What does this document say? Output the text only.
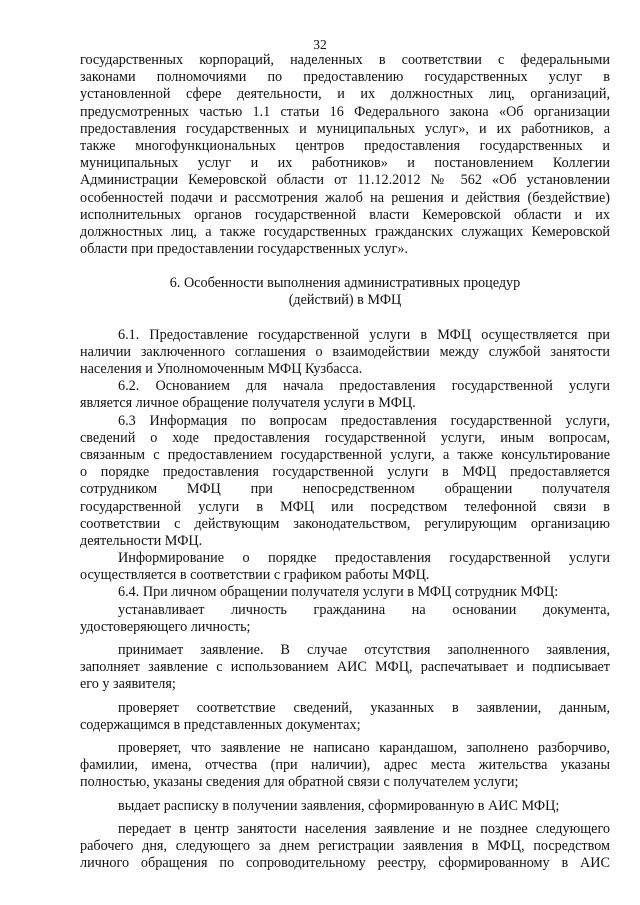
32
государственных корпораций, наделенных в соответствии с федеральными
законами полномочиями по предоставлению государственных услуг в
установленной сфере деятельности, и их должностных лиц, организаций,
предусмотренных частью 1.1 статьи 16 Федерального закона «Об организации
предоставления государственных и муниципальных услуг», и их работников, а
также многофункциональных центров предоставления государственных и
муниципальных услуг и их работников» и постановлением Коллегии
Администрации Кемеровской области от 11.12.2012 № 562 «Об установлении
особенностей подачи и рассмотрения жалоб на решения и действия (бездействие)
исполнительных органов государственной власти Кемеровской области и их
должностных лиц, а также государственных гражданских служащих Кемеровской
области при предоставлении государственных услуг».
6. Особенности выполнения административных процедур
(действий) в МФЦ
6.1. Предоставление государственной услуги в МФЦ осуществляется при
наличии заключенного соглашения о взаимодействии между службой занятости
населения и Уполномоченным МФЦ Кузбасса.
6.2. Основанием для начала предоставления государственной услуги
является личное обращение получателя услуги в МФЦ.
6.3 Информация по вопросам предоставления государственной услуги,
сведений о ходе предоставления государственной услуги, иным вопросам,
связанным с предоставлением государственной услуги, а также консультирование
о порядке предоставления государственной услуги в МФЦ предоставляется
сотрудником МФЦ при непосредственном обращении получателя
государственной услуги в МФЦ или посредством телефонной связи в
соответствии с действующим законодательством, регулирующим организацию
деятельности МФЦ.
Информирование о порядке предоставления государственной услуги
осуществляется в соответствии с графиком работы МФЦ.
6.4. При личном обращении получателя услуги в МФЦ сотрудник МФЦ:
устанавливает личность гражданина на основании документа,
удостоверяющего личность;
принимает заявление. В случае отсутствия заполненного заявления,
заполняет заявление с использованием АИС МФЦ, распечатывает и подписывает
его у заявителя;
проверяет соответствие сведений, указанных в заявлении, данным,
содержащимся в представленных документах;
проверяет, что заявление не написано карандашом, заполнено разборчиво,
фамилии, имена, отчества (при наличии), адрес места жительства указаны
полностью, указаны сведения для обратной связи с получателем услуги;
выдает расписку в получении заявления, сформированную в АИС МФЦ;
передает в центр занятости населения заявление и не позднее следующего
рабочего дня, следующего за днем регистрации заявления в МФЦ, посредством
личного обращения по сопроводительному реестру, сформированному в АИС
